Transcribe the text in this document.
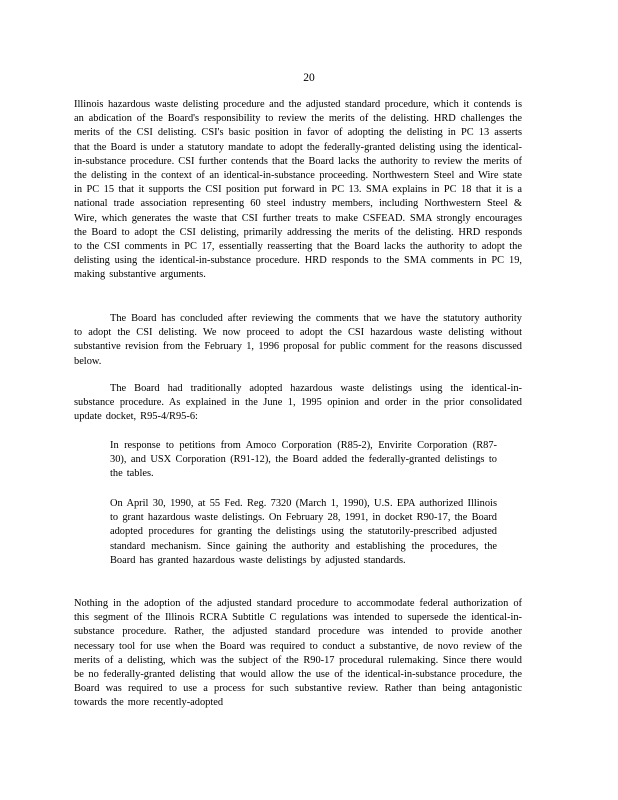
20

Illinois hazardous waste delisting procedure and the adjusted standard procedure, which it contends is an abdication of the Board's responsibility to review the merits of the delisting. HRD challenges the merits of the CSI delisting. CSI's basic position in favor of adopting the delisting in PC 13 asserts that the Board is under a statutory mandate to adopt the federally-granted delisting using the identical-in-substance procedure. CSI further contends that the Board lacks the authority to review the merits of the delisting in the context of an identical-in-substance proceeding. Northwestern Steel and Wire state in PC 15 that it supports the CSI position put forward in PC 13. SMA explains in PC 18 that it is a national trade association representing 60 steel industry members, including Northwestern Steel & Wire, which generates the waste that CSI further treats to make CSFEAD. SMA strongly encourages the Board to adopt the CSI delisting, primarily addressing the merits of the delisting. HRD responds to the CSI comments in PC 17, essentially reasserting that the Board lacks the authority to adopt the delisting using the identical-in-substance procedure. HRD responds to the SMA comments in PC 19, making substantive arguments.

The Board has concluded after reviewing the comments that we have the statutory authority to adopt the CSI delisting. We now proceed to adopt the CSI hazardous waste delisting without substantive revision from the February 1, 1996 proposal for public comment for the reasons discussed below.

The Board had traditionally adopted hazardous waste delistings using the identical-in-substance procedure. As explained in the June 1, 1995 opinion and order in the prior consolidated update docket, R95-4/R95-6:

In response to petitions from Amoco Corporation (R85-2), Envirite Corporation (R87-30), and USX Corporation (R91-12), the Board added the federally-granted delistings to the tables.

On April 30, 1990, at 55 Fed. Reg. 7320 (March 1, 1990), U.S. EPA authorized Illinois to grant hazardous waste delistings. On February 28, 1991, in docket R90-17, the Board adopted procedures for granting the delistings using the statutorily-prescribed adjusted standard mechanism. Since gaining the authority and establishing the procedures, the Board has granted hazardous waste delistings by adjusted standards.

Nothing in the adoption of the adjusted standard procedure to accommodate federal authorization of this segment of the Illinois RCRA Subtitle C regulations was intended to supersede the identical-in-substance procedure. Rather, the adjusted standard procedure was intended to provide another necessary tool for use when the Board was required to conduct a substantive, de novo review of the merits of a delisting, which was the subject of the R90-17 procedural rulemaking. Since there would be no federally-granted delisting that would allow the use of the identical-in-substance procedure, the Board was required to use a process for such substantive review. Rather than being antagonistic towards the more recently-adopted
